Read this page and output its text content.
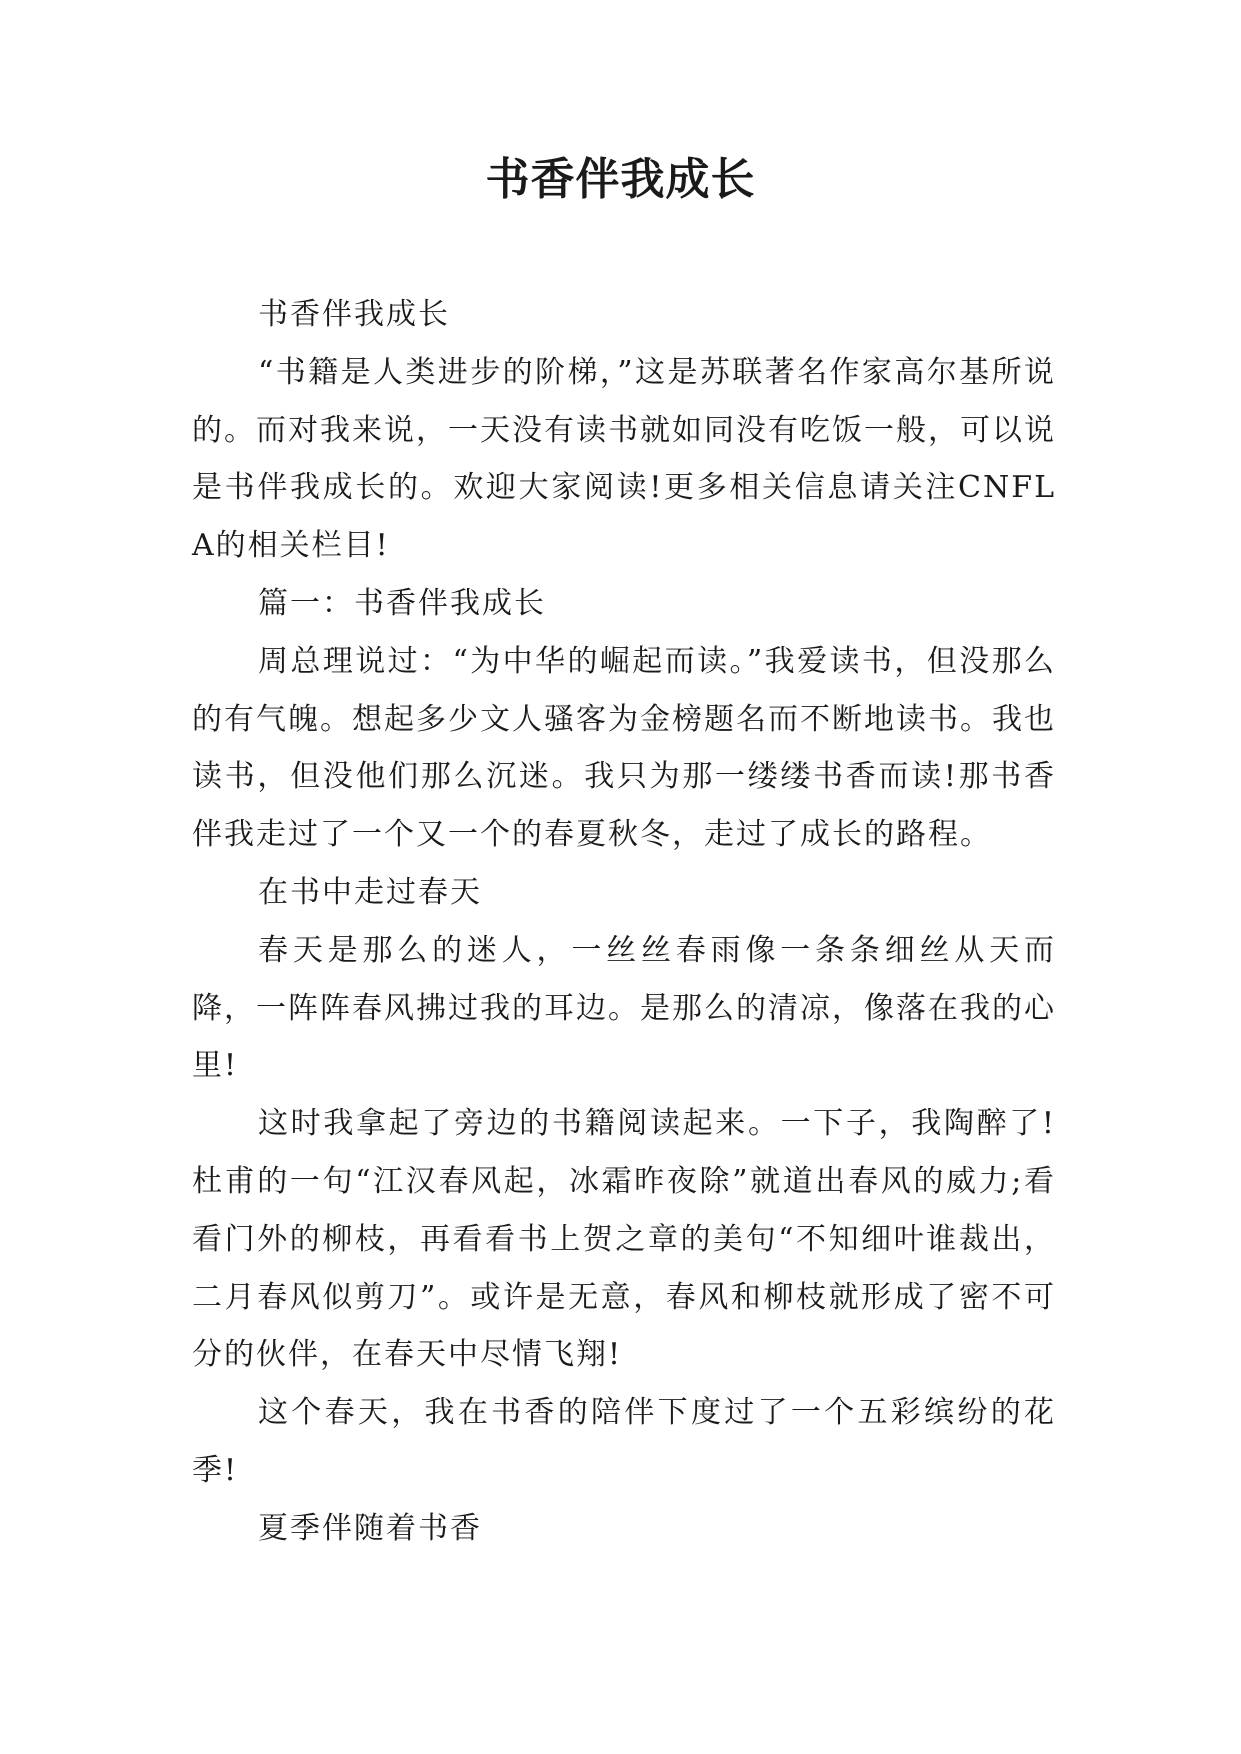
书香伴我成长

书香伴我成长

“书籍是人类进步的阶梯，”这是苏联著名作家高尔基所说的。而对我来说，一天没有读书就如同没有吃饭一般，可以说是书伴我成长的。欢迎大家阅读!更多相关信息请关注CNFLA的相关栏目!

篇一：书香伴我成长

周总理说过：“为中华的崛起而读。”我爱读书，但没那么的有气魄。想起多少文人骚客为金榜题名而不断地读书。我也读书，但没他们那么沉迷。我只为那一缕缕书香而读!那书香伴我走过了一个又一个的春夏秋冬，走过了成长的路程。

在书中走过春天

春天是那么的迷人，一丝丝春雨像一条条细丝从天而降，一阵阵春风拂过我的耳边。是那么的清凉，像落在我的心里!

这时我拿起了旁边的书籍阅读起来。一下子，我陶醉了!杜甫的一句“江汉春风起，冰霜昨夜除”就道出春风的威力;看看门外的柳枝，再看看书上贺之章的美句“不知细叶谁裁出，二月春风似剪刀”。或许是无意，春风和柳枝就形成了密不可分的伙伴，在春天中尽情飞翔!

这个春天，我在书香的陪伴下度过了一个五彩缤纷的花季!

夏季伴随着书香
